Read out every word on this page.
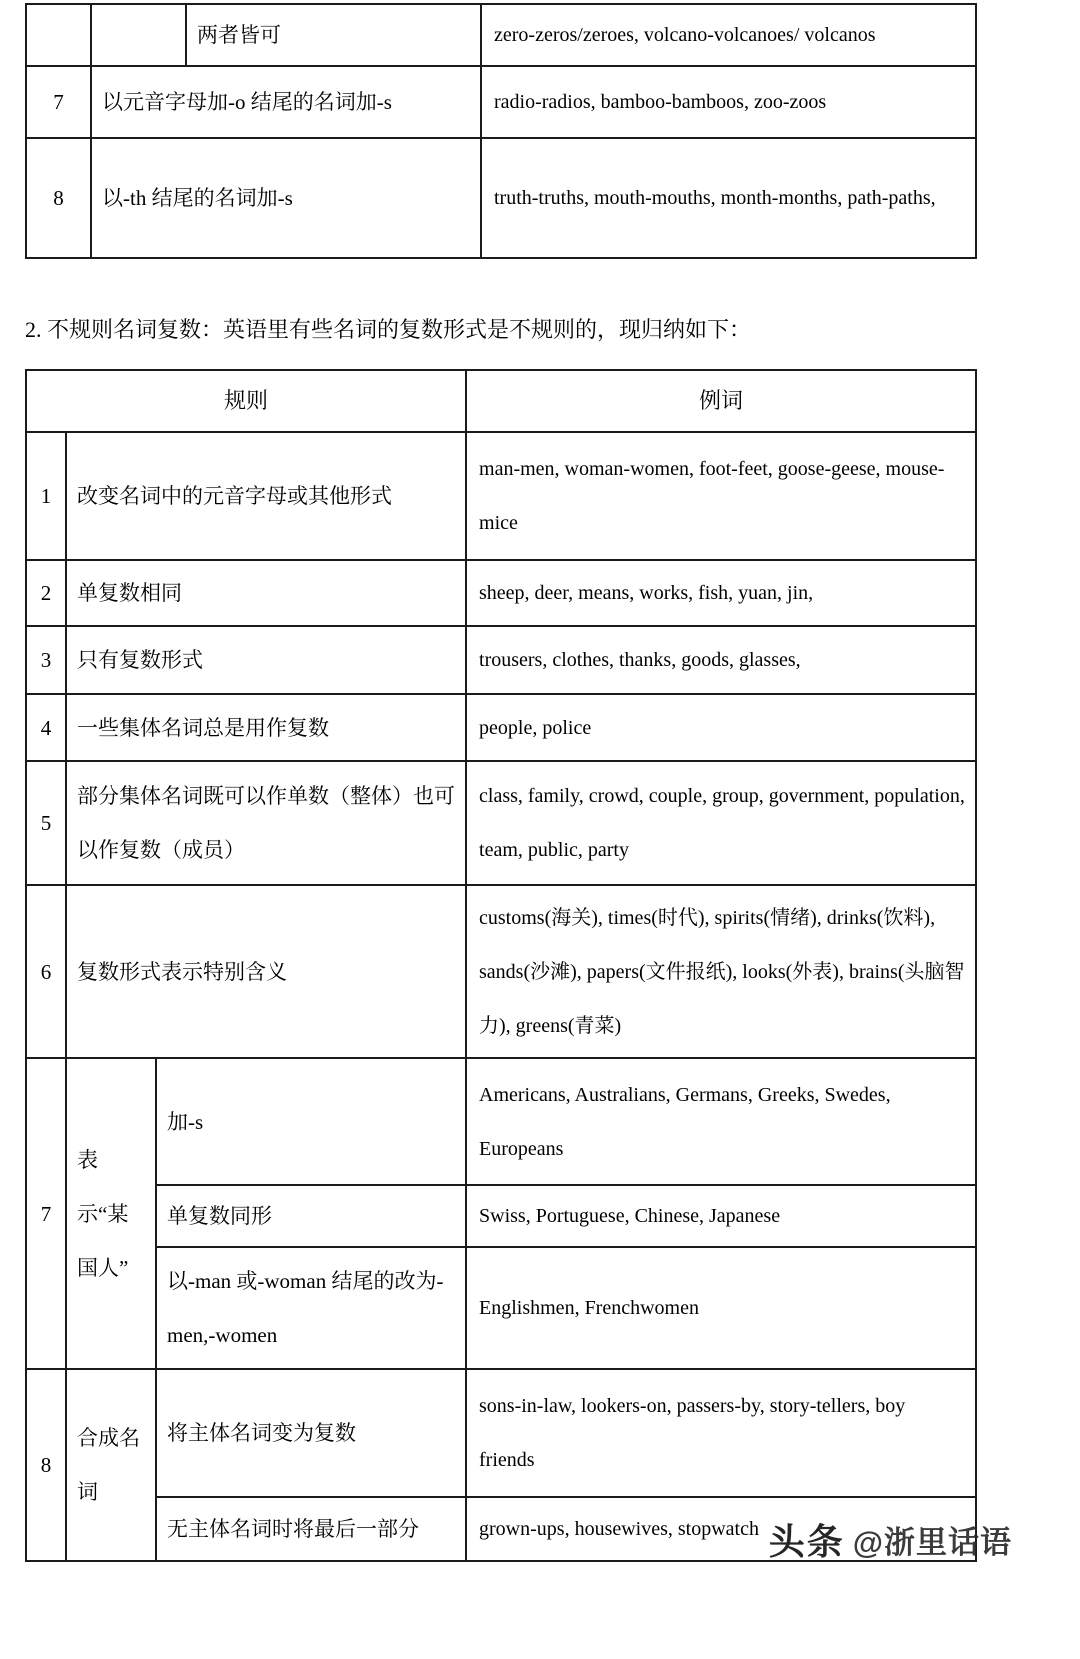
		两者皆可	zero-zeros/zeroes, volcano-volcanoes/ volcanos
7	以元音字母加-o 结尾的名词加-s		radio-radios, bamboo-bamboos, zoo-zoos
8	以-th 结尾的名词加-s		truth-truths, mouth-mouths, month-months, path-paths,
2. 不规则名词复数：英语里有些名词的复数形式是不规则的，现归纳如下：
规则			例词
1	改变名词中的元音字母或其他形式		man-men, woman-women, foot-feet, goose-geese, mouse-mice
2	单复数相同		sheep, deer, means, works, fish, yuan, jin,
3	只有复数形式		trousers, clothes, thanks, goods, glasses,
4	一些集体名词总是用作复数		people, police
5	部分集体名词既可以作单数（整体）也可以作复数（成员）		class, family, crowd, couple, group, government, population, team, public, party
6	复数形式表示特别含义		customs(海关), times(时代), spirits(情绪), drinks(饮料), sands(沙滩), papers(文件报纸), looks(外表), brains(头脑智力), greens(青菜)
7	表示“某国人”	加-s	Americans, Australians, Germans, Greeks, Swedes, Europeans
		单复数同形	Swiss, Portuguese, Chinese, Japanese
		以-man 或-woman 结尾的改为-men,-women	Englishmen, Frenchwomen
8	合成名词	将主体名词变为复数	sons-in-law, lookers-on, passers-by, story-tellers, boy friends
		无主体名词时将最后一部分	grown-ups, housewives, stopwatch 头条 @浙里话语
